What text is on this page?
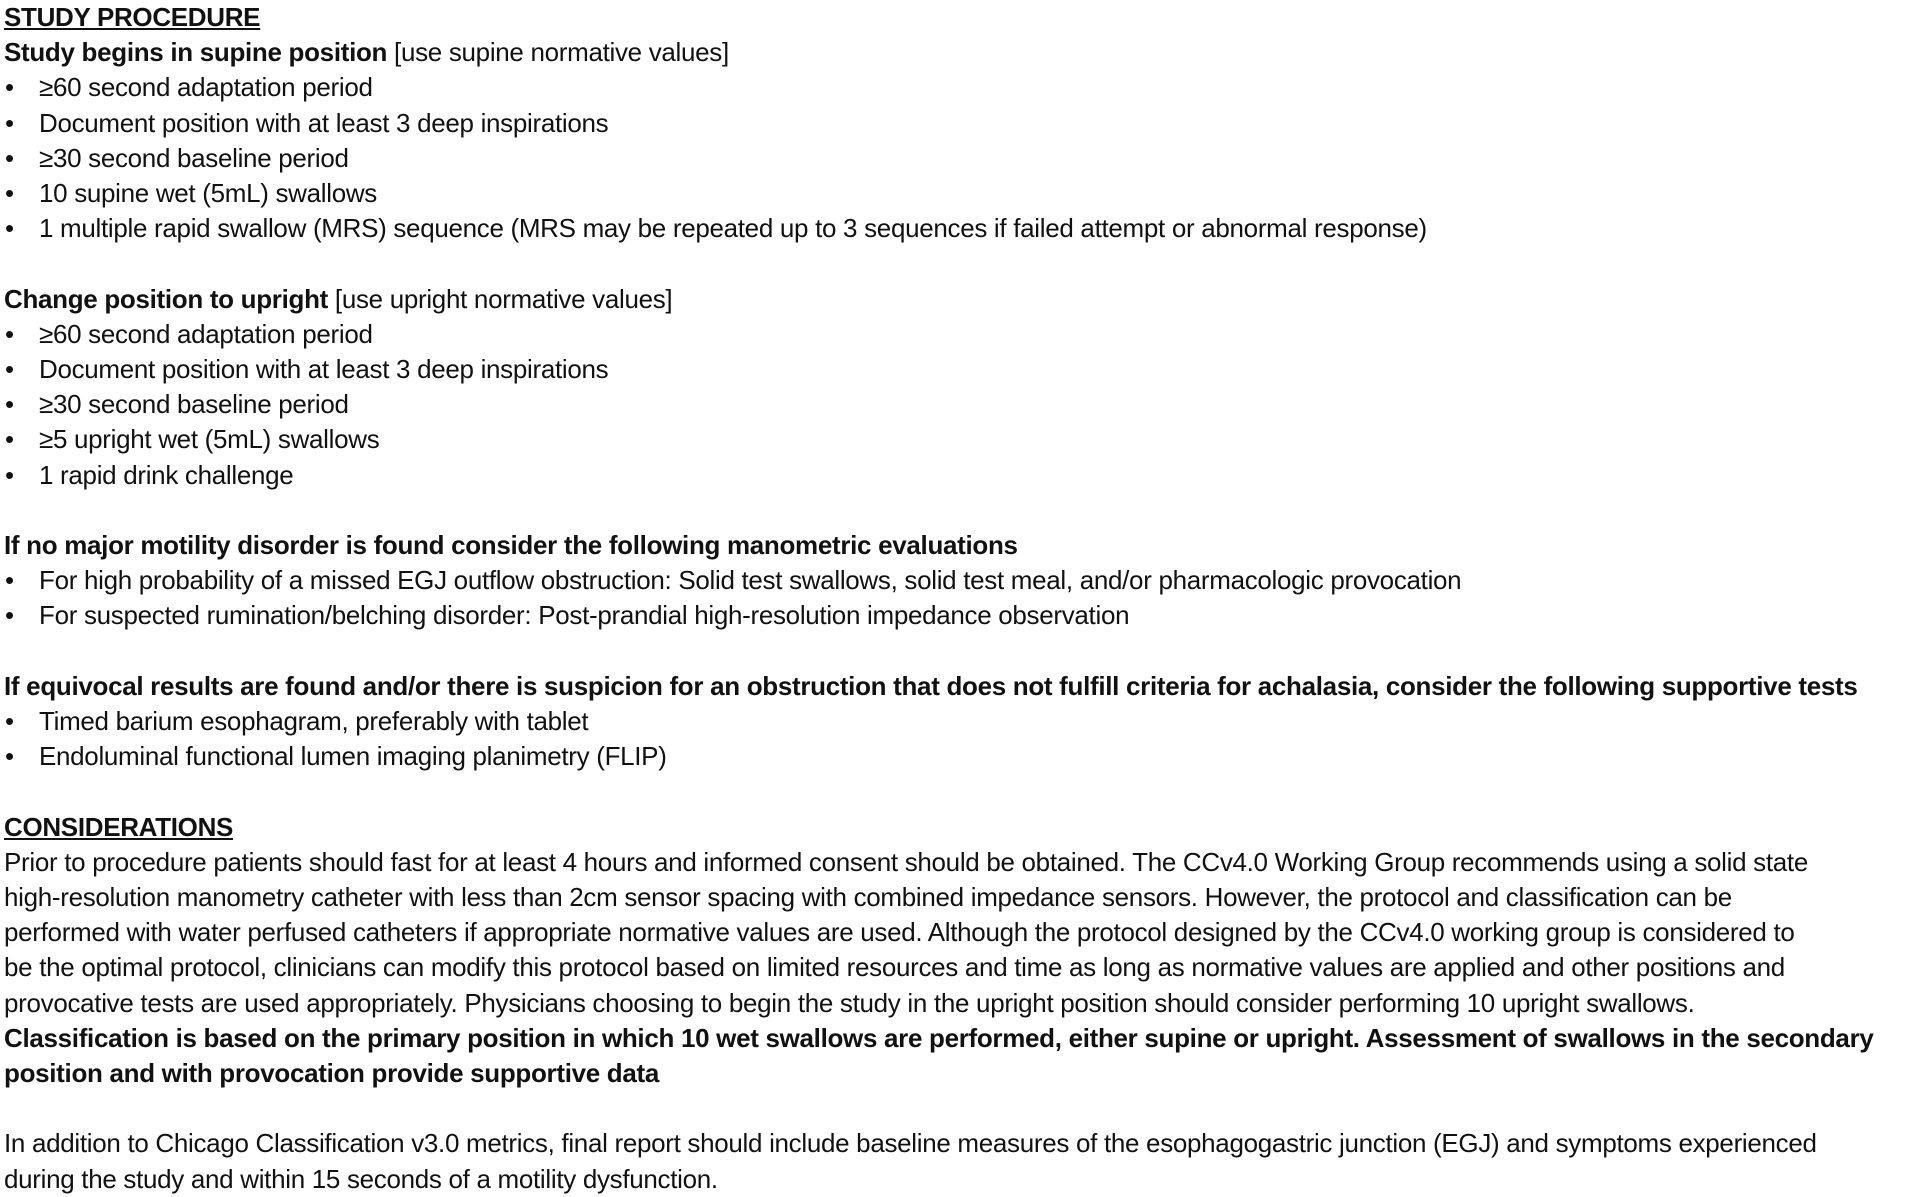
STUDY PROCEDURE
Study begins in supine position [use supine normative values]
• ≥60 second adaptation period
• Document position with at least 3 deep inspirations
• ≥30 second baseline period
• 10 supine wet (5mL) swallows
• 1 multiple rapid swallow (MRS) sequence (MRS may be repeated up to 3 sequences if failed attempt or abnormal response)
Change position to upright [use upright normative values]
• ≥60 second adaptation period
• Document position with at least 3 deep inspirations
• ≥30 second baseline period
• ≥5 upright wet (5mL) swallows
• 1 rapid drink challenge
If no major motility disorder is found consider the following manometric evaluations
• For high probability of a missed EGJ outflow obstruction: Solid test swallows, solid test meal, and/or pharmacologic provocation
• For suspected rumination/belching disorder: Post-prandial high-resolution impedance observation
If equivocal results are found and/or there is suspicion for an obstruction that does not fulfill criteria for achalasia, consider the following supportive tests
• Timed barium esophagram, preferably with tablet
• Endoluminal functional lumen imaging planimetry (FLIP)
CONSIDERATIONS
Prior to procedure patients should fast for at least 4 hours and informed consent should be obtained. The CCv4.0 Working Group recommends using a solid state
high-resolution manometry catheter with less than 2cm sensor spacing with combined impedance sensors. However, the protocol and classification can be
performed with water perfused catheters if appropriate normative values are used. Although the protocol designed by the CCv4.0 working group is considered to
be the optimal protocol, clinicians can modify this protocol based on limited resources and time as long as normative values are applied and other positions and
provocative tests are used appropriately. Physicians choosing to begin the study in the upright position should consider performing 10 upright swallows.
Classification is based on the primary position in which 10 wet swallows are performed, either supine or upright. Assessment of swallows in the secondary
position and with provocation provide supportive data
In addition to Chicago Classification v3.0 metrics, final report should include baseline measures of the esophagogastric junction (EGJ) and symptoms experienced
during the study and within 15 seconds of a motility dysfunction.
